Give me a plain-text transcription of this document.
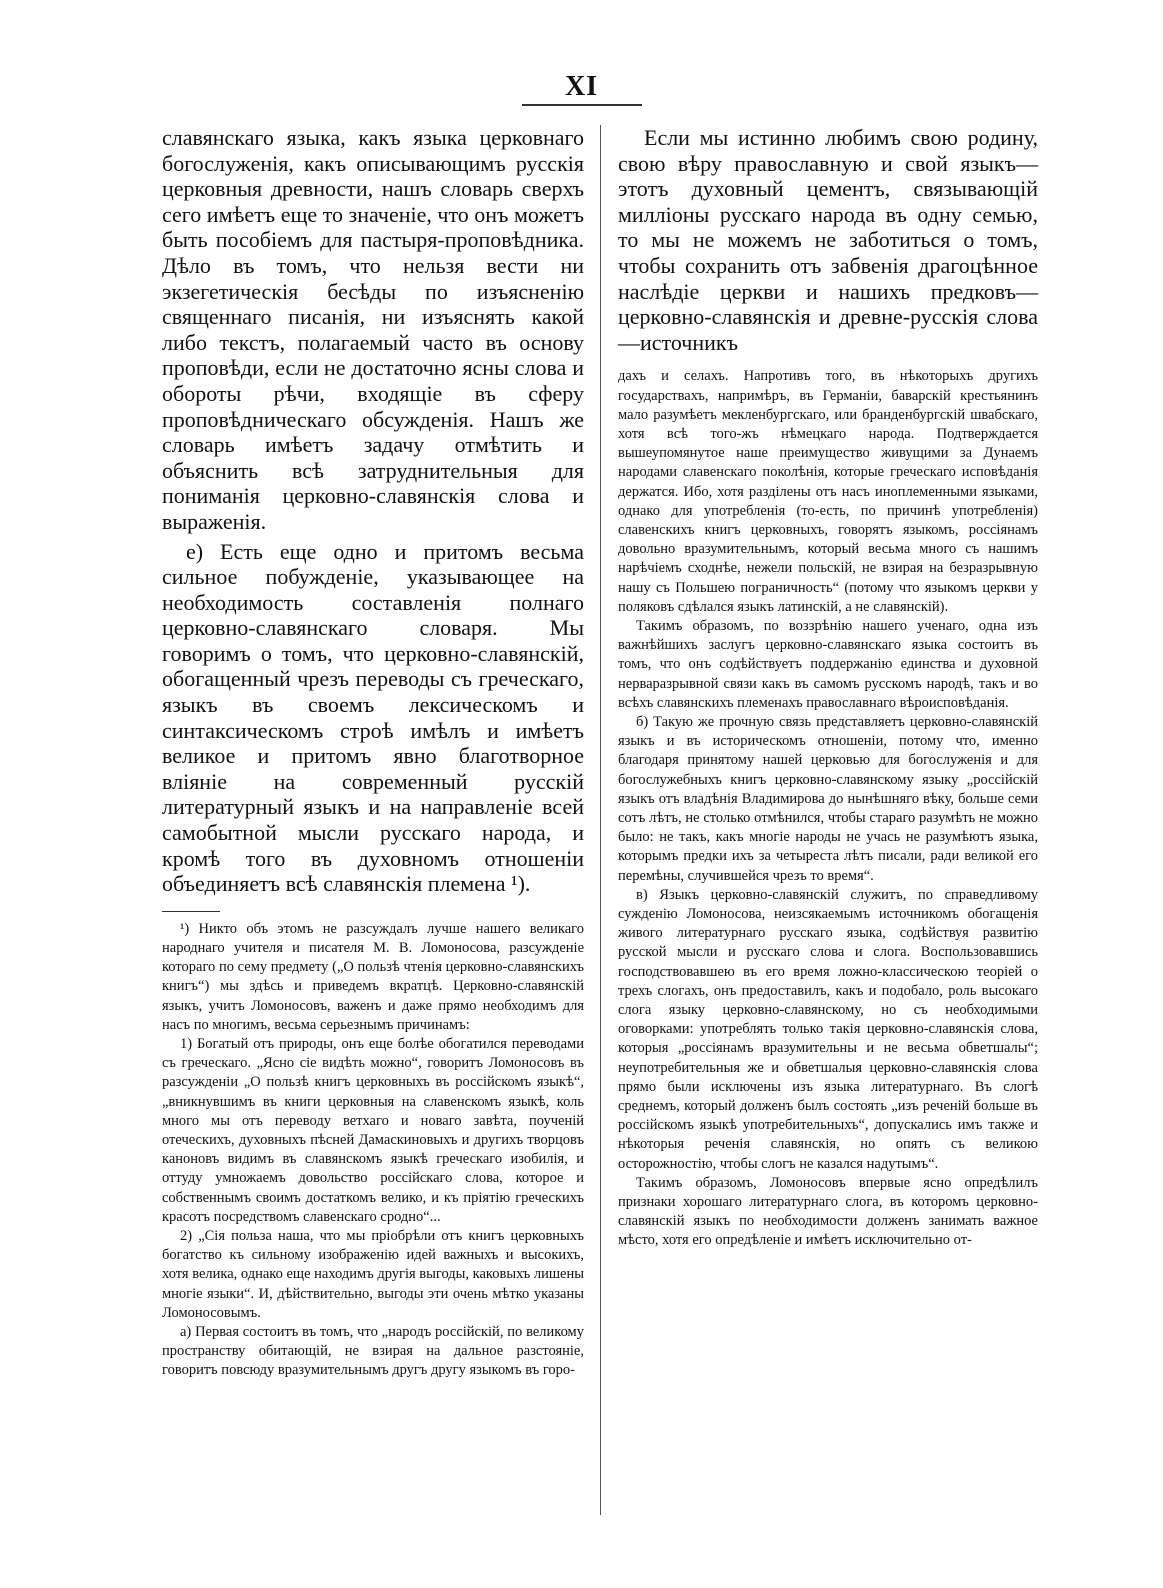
XI

славянскаго языка, какъ языка церковнаго богослуженія, какъ описывающимъ русскія церковныя древности, нашъ словарь сверхъ сего имѣетъ еще то значеніе, что онъ можетъ быть пособіемъ для пастыря-проповѣдника. Дѣло въ томъ, что нельзя вести ни экзегетическія бесѣды по изъясненію священнаго писанія, ни изъяснять какой либо текстъ, полагаемый часто въ основу проповѣди, если не достаточно ясны слова и обороты рѣчи, входящіе въ сферу проповѣдническаго обсужденія. Нашъ же словарь имѣетъ задачу отмѣтить и объяснить всѣ затруднительныя для пониманія церковно-славянскія слова и выраженія.

е) Есть еще одно и притомъ весьма сильное побужденіе, указывающее на необходимость составленія полнаго церковно-славянскаго словаря. Мы говоримъ о томъ, что церковно-славянскій, обогащенный чрезъ переводы съ греческаго, языкъ въ своемъ лексическомъ и синтаксическомъ строѣ имѣлъ и имѣетъ великое и притомъ явно благотворное вліяніе на современный русскій литературный языкъ и на направленіе всей самобытной мысли русскаго народа, и кромѣ того въ духовномъ отношеніи объединяетъ всѣ славянскія племена ¹).

¹) Никто объ этомъ не разсуждалъ лучше нашего великаго народнаго учителя и писателя М. В. Ломоносова, разсужденіе котораго по сему предмету („О пользѣ чтенія церковно-славянскихъ книгъ“) мы здѣсь и приведемъ вкратцѣ. Церковно-славянскій языкъ, учитъ Ломоносовъ, важенъ и даже прямо необходимъ для насъ по многимъ, весьма серьезнымъ причинамъ:

1) Богатый отъ природы, онъ еще болѣе обогатился переводами съ греческаго. „Ясно сіе видѣть можно“, говоритъ Ломоносовъ въ разсужденіи „О пользѣ книгъ церковныхъ въ россійскомъ языкѣ“, „вникнувшимъ въ книги церковныя на славенскомъ языкѣ, коль много мы отъ переводу ветхаго и новаго завѣта, поученій отеческихъ, духовныхъ пѣсней Дамаскиновыхъ и другихъ творцовъ каноновъ видимъ въ славянскомъ языкѣ греческаго изобилія, и оттуду умножаемъ довольство россійскаго слова, которое и собственнымъ своимъ достаткомъ велико, и къ пріятію греческихъ красотъ посредствомъ славенскаго сродно“...

2) „Сія польза наша, что мы пріобрѣли отъ книгъ церковныхъ богатство къ сильному изображенію идей важныхъ и высокихъ, хотя велика, однако еще находимъ другія выгоды, каковыхъ лишены многіе языки“. И, дѣйствительно, выгоды эти очень мѣтко указаны Ломоносовымъ.

а) Первая состоитъ въ томъ, что „народъ россійскій, по великому пространству обитающій, не взирая на дальное разстояніе, говоритъ повсюду вразумительнымъ другъ другу языкомъ въ горо-

Если мы истинно любимъ свою родину, свою вѣру православную и свой языкъ—этотъ духовный цементъ, связывающій милліоны русскаго народа въ одну семью, то мы не можемъ не заботиться о томъ, чтобы сохранить отъ забвенія драгоцѣнное наслѣдіе церкви и нашихъ предковъ—церковно-славянскія и древне-русскія слова—источникъ

дахъ и селахъ. Напротивъ того, въ нѣкоторыхъ другихъ государствахъ, напримѣръ, въ Германіи, баварскій крестьянинъ мало разумѣетъ мекленбургскаго, или бранденбургскій швабскаго, хотя всѣ того-жъ нѣмецкаго народа. Подтверждается вышеупомянутое наше преимущество живущими за Дунаемъ народами славенскаго поколѣнія, которые греческаго исповѣданія держатся. Ибо, хотя разділены отъ насъ иноплеменными языками, однако для употребленія (то-есть, по причинѣ употребленія) славенскихъ книгъ церковныхъ, говорятъ языкомъ, россіянамъ довольно вразумительнымъ, который весьма много съ нашимъ нарѣчіемъ сходнѣе, нежели польскій, не взирая на безразрывную нашу съ Польшею пограничность“ (потому что языкомъ церкви у поляковъ сдѣлался языкъ латинскій, а не славянскій).

Такимъ образомъ, по воззрѣнію нашего ученаго, одна изъ важнѣйшихъ заслугъ церковно-славянскаго языка состоитъ въ томъ, что онъ содѣйствуетъ поддержанію единства и духовной нерваразрывной связи какъ въ самомъ русскомъ народѣ, такъ и во всѣхъ славянскихъ племенахъ православнаго вѣроисповѣданія.

б) Такую же прочную связь представляетъ церковно-славянскій языкъ и въ историческомъ отношеніи, потому что, именно благодаря принятому нашей церковью для богослуженія и для богослужебныхъ книгъ церковно-славянскому языку „россійскій языкъ отъ владѣнія Владимирова до нынѣшняго вѣку, больше семи сотъ лѣтъ, не столько отмѣнился, чтобы стараго разумѣть не можно было: не такъ, какъ многіе народы не учась не разумѣютъ языка, которымъ предки ихъ за четыреста лѣтъ писали, ради великой его перемѣны, случившейся чрезъ то время“.

в) Языкъ церковно-славянскій служитъ, по справедливому сужденію Ломоносова, неизсякаемымъ источникомъ обогащенія живого литературнаго русскаго языка, содѣйствуя развитію русской мысли и русскаго слова и слога. Воспользовавшись господствовавшею въ его время ложно-классическою теоріей о трехъ слогахъ, онъ предоставилъ, какъ и подобало, роль высокаго слога языку церковно-славянскому, но съ необходимыми оговорками: употреблять только такія церковно-славянскія слова, которыя „россіянамъ вразумительны и не весьма обветшалы“; неупотребительныя же и обветшалыя церковно-славянскія слова прямо были исключены изъ языка литературнаго. Въ слогѣ среднемъ, который долженъ былъ состоять „изъ реченій больше въ россійскомъ языкѣ употребительныхъ“, допускались имъ также и нѣкоторыя реченія славянскія, но опять съ великою осторожностію, чтобы слогъ не казался надутымъ“.

Такимъ образомъ, Ломоносовъ впервые ясно опредѣлилъ признаки хорошаго литературнаго слога, въ которомъ церковно-славянскій языкъ по необходимости долженъ занимать важное мѣсто, хотя его опредѣленіе и имѣетъ исключительно от-
